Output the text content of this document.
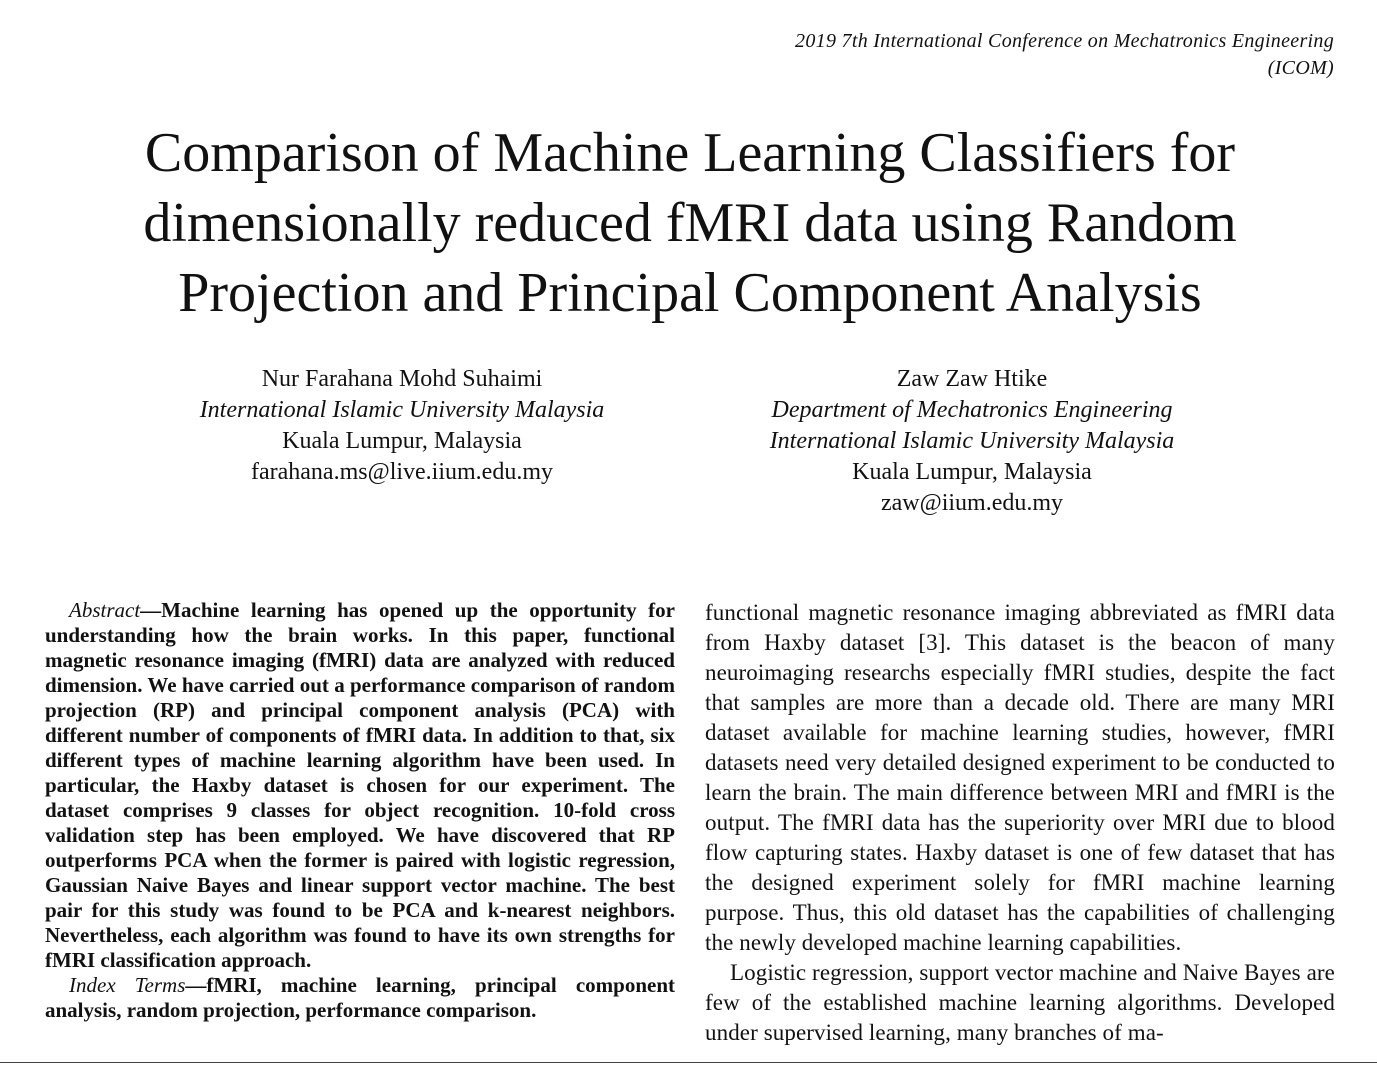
2019 7th International Conference on Mechatronics Engineering
(ICOM)
Comparison of Machine Learning Classifiers for
dimensionally reduced fMRI data using Random
Projection and Principal Component Analysis
Nur Farahana Mohd Suhaimi
International Islamic University Malaysia
Kuala Lumpur, Malaysia
farahana.ms@live.iium.edu.my
Zaw Zaw Htike
Department of Mechatronics Engineering
International Islamic University Malaysia
Kuala Lumpur, Malaysia
zaw@iium.edu.my

Abstract—Machine learning has opened up the opportunity for understanding how the brain works. In this paper, functional magnetic resonance imaging (fMRI) data are analyzed with reduced dimension. We have carried out a performance comparison of random projection (RP) and principal component analysis (PCA) with different number of components of fMRI data. In addition to that, six different types of machine learning algorithm have been used. In particular, the Haxby dataset is chosen for our experiment. The dataset comprises 9 classes for object recognition. 10-fold cross validation step has been employed. We have discovered that RP outperforms PCA when the former is paired with logistic regression, Gaussian Naive Bayes and linear support vector machine. The best pair for this study was found to be PCA and k-nearest neighbors. Nevertheless, each algorithm was found to have its own strengths for fMRI classification approach.

Index Terms—fMRI, machine learning, principal component analysis, random projection, performance comparison.

functional magnetic resonance imaging abbreviated as fMRI data from Haxby dataset [3]. This dataset is the beacon of many neuroimaging researchs especially fMRI studies, despite the fact that samples are more than a decade old. There are many MRI dataset available for machine learning studies, however, fMRI datasets need very detailed designed experiment to be conducted to learn the brain. The main difference between MRI and fMRI is the output. The fMRI data has the superiority over MRI due to blood flow capturing states. Haxby dataset is one of few dataset that has the designed experiment solely for fMRI machine learning purpose. Thus, this old dataset has the capabilities of challenging the newly developed machine learning capabilities.

Logistic regression, support vector machine and Naive Bayes are few of the established machine learning algorithms. Developed under supervised learning, many branches of ma-
